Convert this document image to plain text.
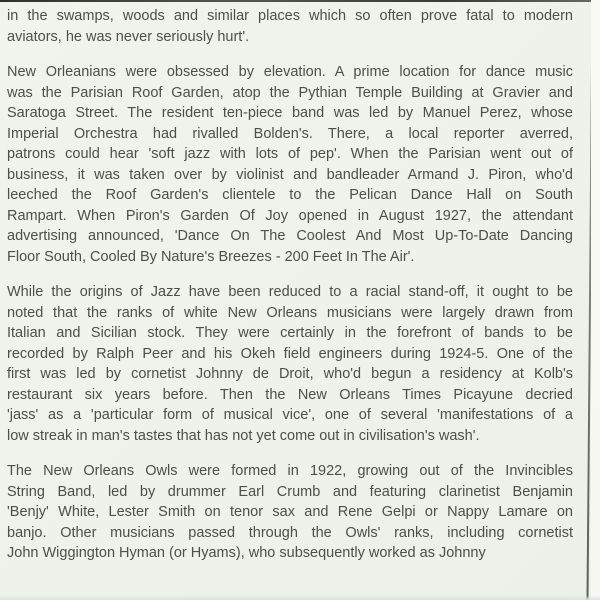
in the swamps, woods and similar places which so often prove fatal to modern
aviators, he was never seriously hurt'.
New Orleanians were obsessed by elevation. A prime location for dance music
was the Parisian Roof Garden, atop the Pythian Temple Building at Gravier and
Saratoga Street. The resident ten-piece band was led by Manuel Perez, whose
Imperial Orchestra had rivalled Bolden's. There, a local reporter averred,
patrons could hear 'soft jazz with lots of pep'. When the Parisian went out of
business, it was taken over by violinist and bandleader Armand J. Piron, who'd
leeched the Roof Garden's clientele to the Pelican Dance Hall on South
Rampart. When Piron's Garden Of Joy opened in August 1927, the attendant
advertising announced, 'Dance On The Coolest And Most Up-To-Date Dancing
Floor South, Cooled By Nature's Breezes - 200 Feet In The Air'.
While the origins of Jazz have been reduced to a racial stand-off, it ought to be
noted that the ranks of white New Orleans musicians were largely drawn from
Italian and Sicilian stock. They were certainly in the forefront of bands to be
recorded by Ralph Peer and his Okeh field engineers during 1924-5. One of the
first was led by cornetist Johnny de Droit, who'd begun a residency at Kolb's
restaurant six years before. Then the New Orleans Times Picayune decried
'jass' as a 'particular form of musical vice', one of several 'manifestations of a
low streak in man's tastes that has not yet come out in civilisation's wash'.
The New Orleans Owls were formed in 1922, growing out of the Invincibles
String Band, led by drummer Earl Crumb and featuring clarinetist Benjamin
'Benjy' White, Lester Smith on tenor sax and Rene Gelpi or Nappy Lamare on
banjo. Other musicians passed through the Owls' ranks, including cornetist
John Wiggington Hyman (or Hyams), who subsequently worked as Johnny
